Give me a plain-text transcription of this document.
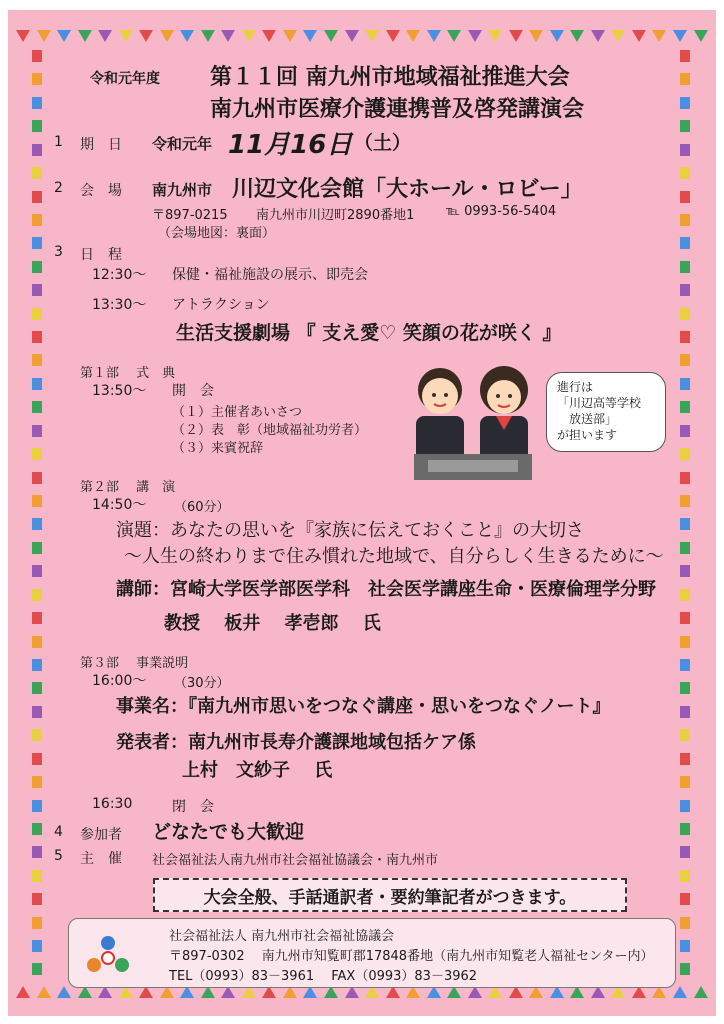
令和元年度 第１１回 南九州市地域福祉推進大会
南九州市医療介護連携普及啓発講演会
1 期　日 令和元年 11月16日 （土）
2 会　場 南九州市 川辺文化会館「大ホール・ロビー」
〒897-0215 南九州市川辺町2890番地1 ℡ 0993-56-5404
（会場地図：裏面）
3 日　程
12:30～ 保健・福祉施設の展示、即売会
13:30～ アトラクション
生活支援劇場 『 支え愛♡ 笑顔の花が咲く 』
第１部　 式　典
13:50～ 開　会
（１）主催者あいさつ
（２）表　彰（地域福祉功労者）
（３）来賓祝辞
進行は
「川辺高等学校
　放送部」
が担います
第２部　 講　演
14:50～ （60分）
演題：あなたの思いを『家族に伝えておくこと』の大切さ
～人生の終わりまで住み慣れた地域で、自分らしく生きるために～
講師：宮崎大学医学部医学科　社会医学講座生命・医療倫理学分野
教授　 板井　 孝壱郎　 氏
第３部　 事業説明
16:00～ （30分）
事業名：『南九州市思いをつなぐ講座・思いをつなぐノート』
発表者：南九州市長寿介護課地域包括ケア係
上村　文紗子　 氏
16:30	閉　会
4 参加者 どなたでも大歓迎
5 主　催 社会福祉法人南九州市社会福祉協議会・南九州市
大会全般、手話通訳者・要約筆記者がつきます。
社会福祉法人 南九州市社会福祉協議会
〒897-0302　 南九州市知覧町郡17848番地（南九州市知覧老人福祉センター内）
TEL（0993）83－3961　 FAX（0993）83－3962
